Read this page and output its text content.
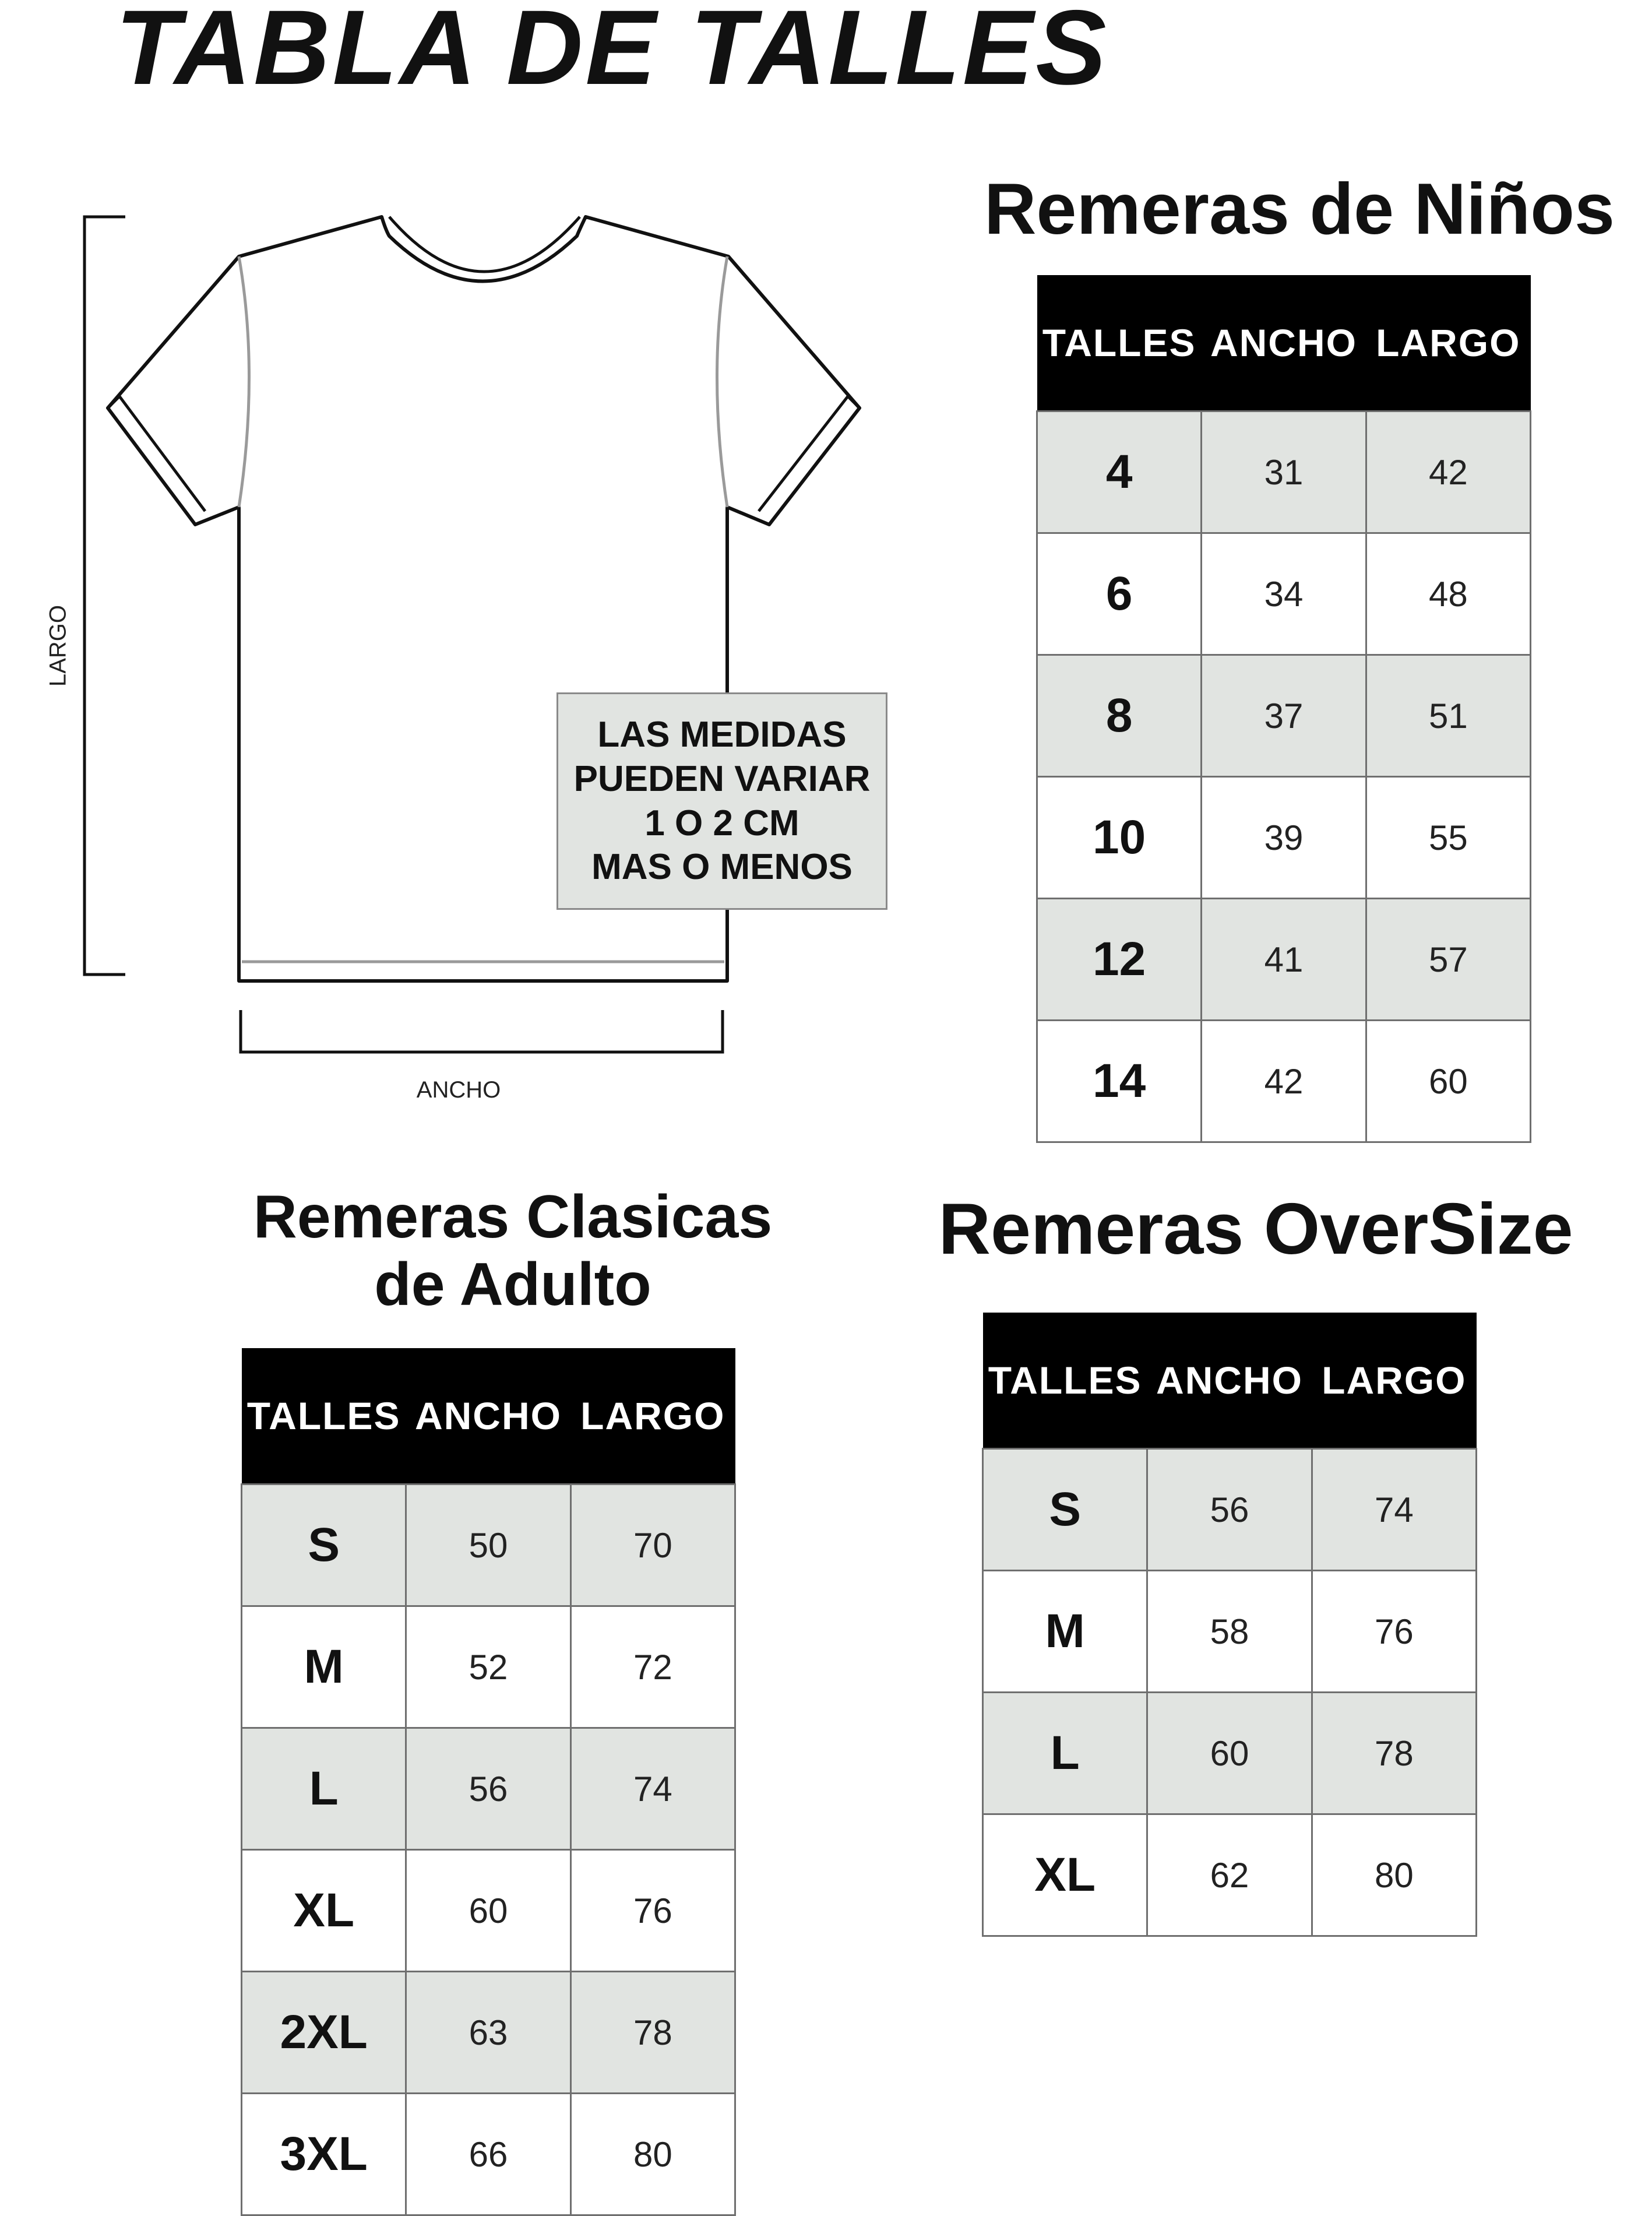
TABLA DE TALLES
LARGO
ANCHO
LAS MEDIDAS
PUEDEN VARIAR
1 O 2 CM
MAS O MENOS
Remeras de Niños
TALLES	ANCHO	LARGO
4	31	42
6	34	48
8	37	51
10	39	55
12	41	57
14	42	60
Remeras Clasicas
de Adulto
TALLES	ANCHO	LARGO
S	50	70
M	52	72
L	56	74
XL	60	76
2XL	63	78
3XL	66	80
Remeras OverSize
TALLES	ANCHO	LARGO
S	56	74
M	58	76
L	60	78
XL	62	80
